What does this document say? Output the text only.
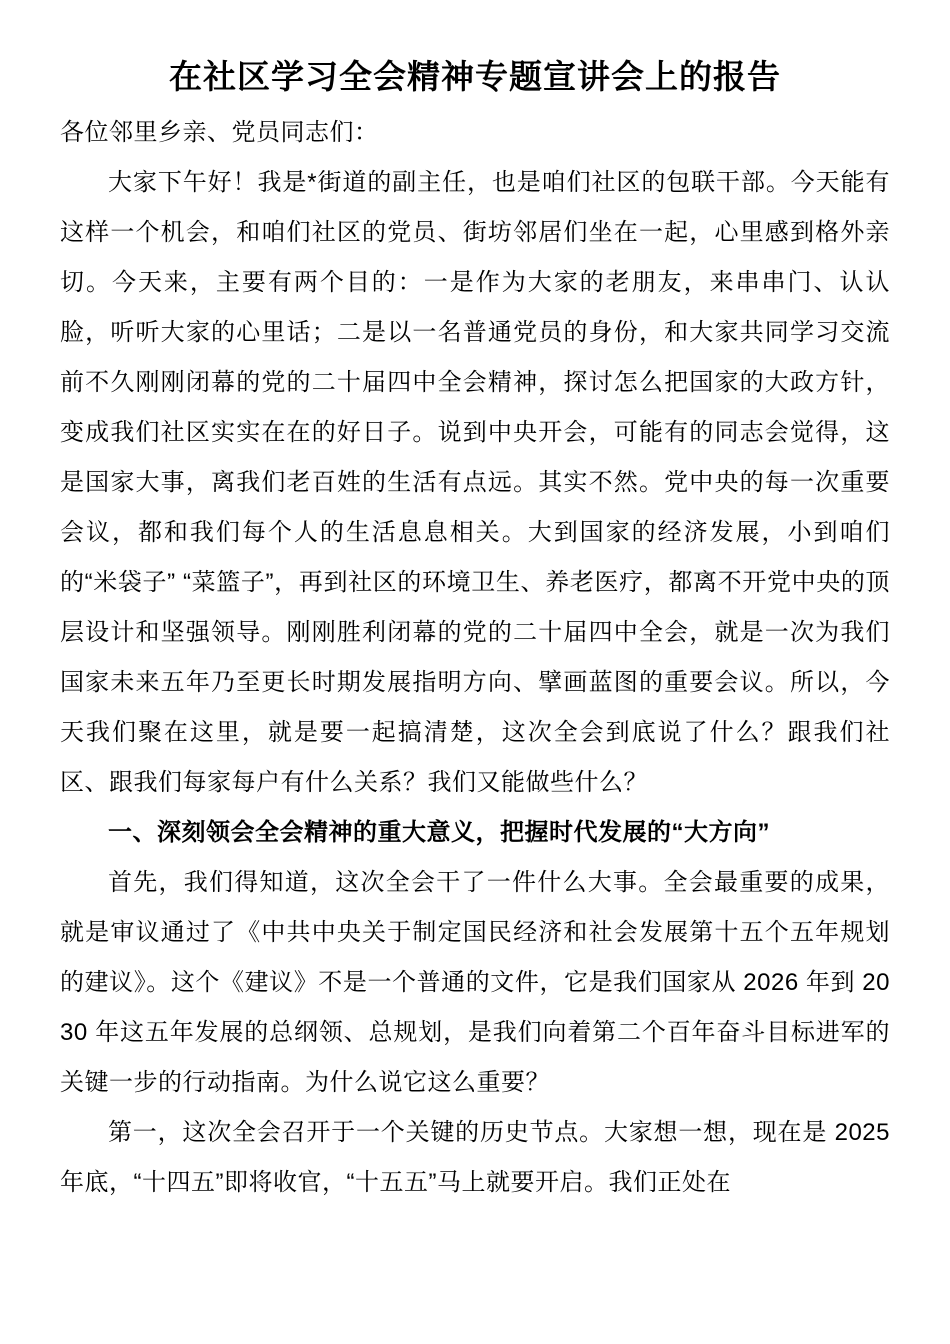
在社区学习全会精神专题宣讲会上的报告

各位邻里乡亲、党员同志们：

大家下午好！我是*街道的副主任，也是咱们社区的包联干部。今天能有这样一个机会，和咱们社区的党员、街坊邻居们坐在一起，心里感到格外亲切。今天来，主要有两个目的：一是作为大家的老朋友，来串串门、认认脸，听听大家的心里话；二是以一名普通党员的身份，和大家共同学习交流前不久刚刚闭幕的党的二十届四中全会精神，探讨怎么把国家的大政方针，变成我们社区实实在在的好日子。说到中央开会，可能有的同志会觉得，这是国家大事，离我们老百姓的生活有点远。其实不然。党中央的每一次重要会议，都和我们每个人的生活息息相关。大到国家的经济发展，小到咱们的“米袋子” “菜篮子”，再到社区的环境卫生、养老医疗，都离不开党中央的顶层设计和坚强领导。刚刚胜利闭幕的党的二十届四中全会，就是一次为我们国家未来五年乃至更长时期发展指明方向、擘画蓝图的重要会议。所以，今天我们聚在这里，就是要一起搞清楚，这次全会到底说了什么？跟我们社区、跟我们每家每户有什么关系？我们又能做些什么？

一、深刻领会全会精神的重大意义，把握时代发展的“大方向”

首先，我们得知道，这次全会干了一件什么大事。全会最重要的成果，就是审议通过了《中共中央关于制定国民经济和社会发展第十五个五年规划的建议》。这个《建议》不是一个普通的文件，它是我们国家从 2026 年到 2030 年这五年发展的总纲领、总规划，是我们向着第二个百年奋斗目标进军的关键一步的行动指南。为什么说它这么重要？

第一，这次全会召开于一个关键的历史节点。大家想一想，现在是 2025 年底，“十四五”即将收官，“十五五”马上就要开启。我们正处在
